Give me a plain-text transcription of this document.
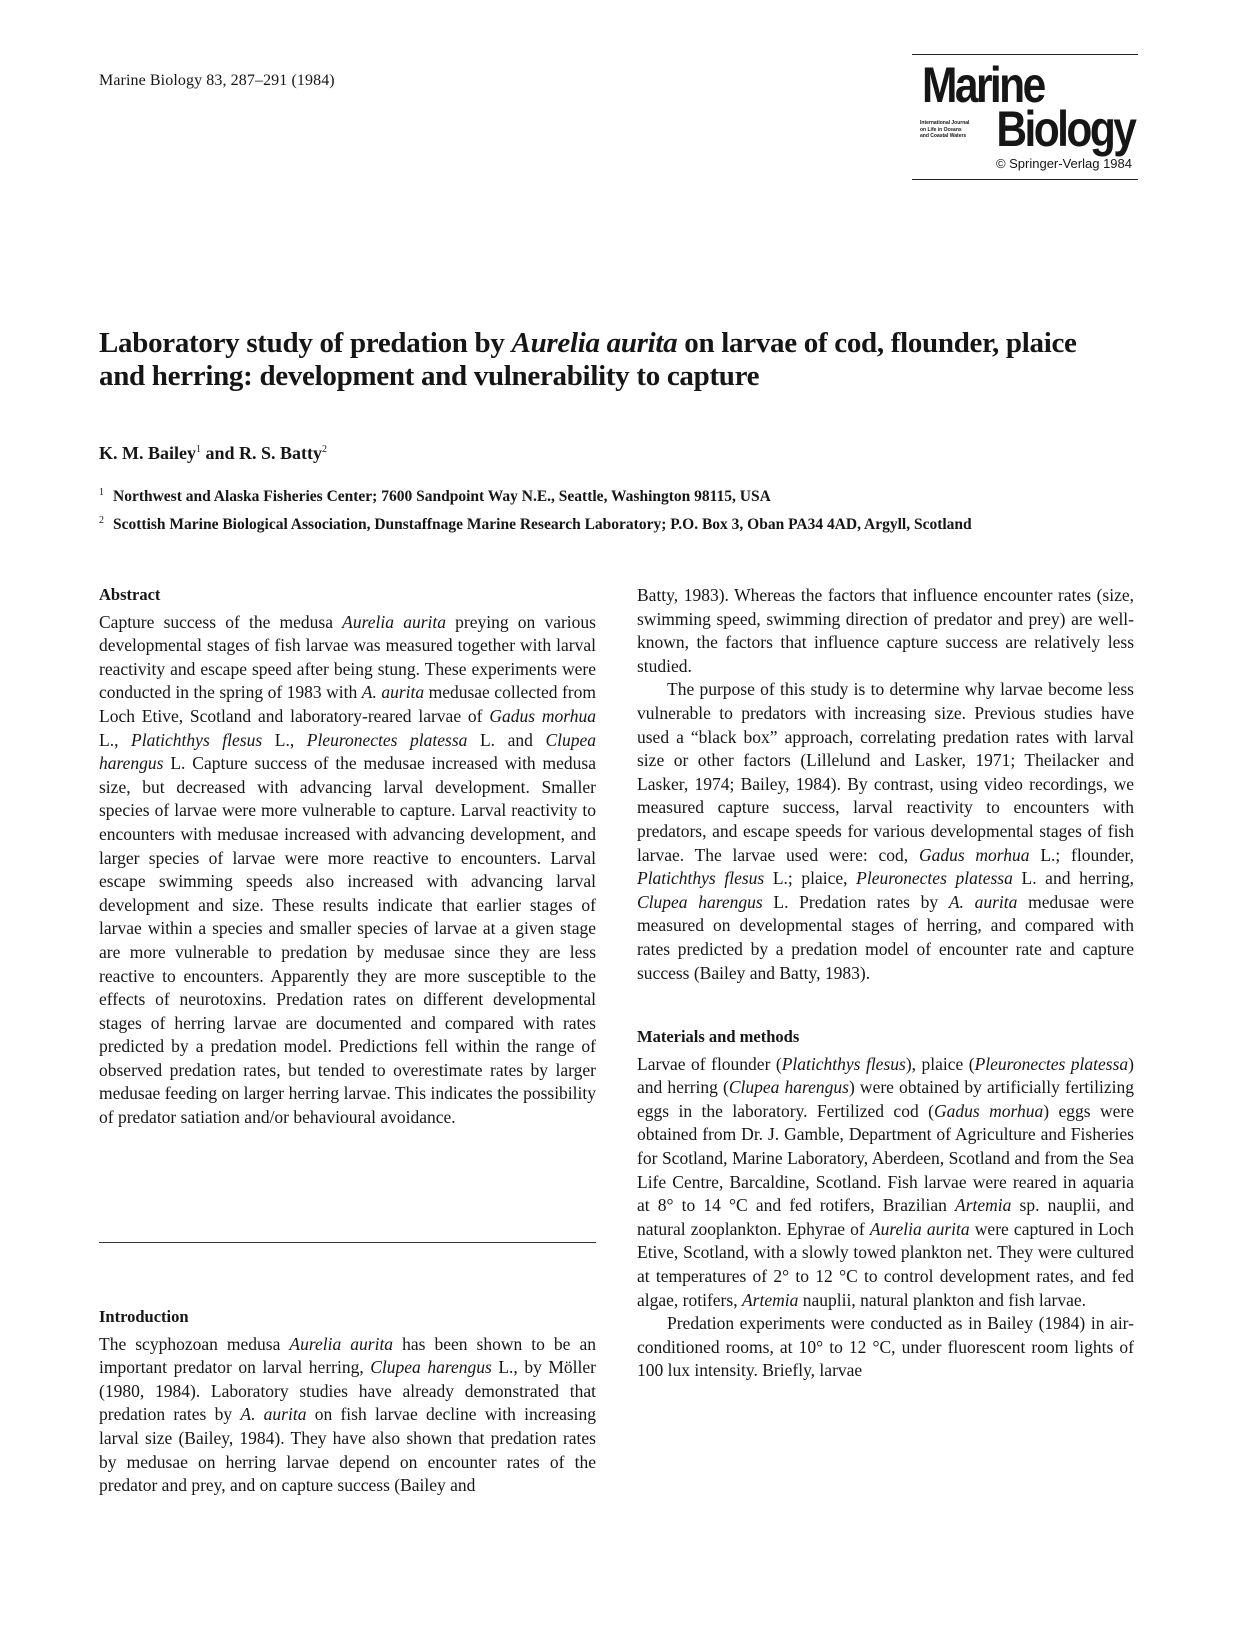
Marine Biology 83, 287–291 (1984)	Marine
International Journal
on Life in Oceans
and Coastal Waters Biology
© Springer-Verlag 1984
Laboratory study of predation by Aurelia aurita on larvae of cod, flounder, plaice and herring: development and vulnerability to capture
K. M. Bailey$^1$ and R. S. Batty$^2$
1 Northwest and Alaska Fisheries Center; 7600 Sandpoint Way N.E., Seattle, Washington 98115, USA
2 Scottish Marine Biological Association, Dunstaffnage Marine Research Laboratory; P.O. Box 3, Oban PA34 4AD, Argyll, Scotland
Abstract

Capture success of the medusa Aurelia aurita preying on various developmental stages of fish larvae was measured together with larval reactivity and escape speed after being stung. These experiments were conducted in the spring of 1983 with A. aurita medusae collected from Loch Etive, Scotland and laboratory-reared larvae of Gadus morhua L., Platichthys flesus L., Pleuronectes platessa L. and Clupea harengus L. Capture success of the medusae increased with medusa size, but decreased with advancing larval development. Smaller species of larvae were more vulnerable to capture. Larval reactivity to encounters with medusae increased with advancing development, and larger species of larvae were more reactive to encounters. Larval escape swimming speeds also increased with advancing larval development and size. These results indicate that earlier stages of larvae within a species and smaller species of larvae at a given stage are more vulnerable to predation by medusae since they are less reactive to encounters. Apparently they are more susceptible to the effects of neurotoxins. Predation rates on different developmental stages of herring larvae are documented and compared with rates predicted by a predation model. Predictions fell within the range of observed predation rates, but tended to overestimate rates by larger medusae feeding on larger herring larvae. This indicates the possibility of predator satiation and/or behavioural avoidance.

Introduction

The scyphozoan medusa Aurelia aurita has been shown to be an important predator on larval herring, Clupea harengus L., by Möller (1980, 1984). Laboratory studies have already demonstrated that predation rates by A. aurita on fish larvae decline with increasing larval size (Bailey, 1984). They have also shown that predation rates by medusae on herring larvae depend on encounter rates of the predator and prey, and on capture success (Bailey and

Batty, 1983). Whereas the factors that influence encounter rates (size, swimming speed, swimming direction of predator and prey) are well-known, the factors that influence capture success are relatively less studied.

The purpose of this study is to determine why larvae become less vulnerable to predators with increasing size. Previous studies have used a “black box” approach, correlating predation rates with larval size or other factors (Lillelund and Lasker, 1971; Theilacker and Lasker, 1974; Bailey, 1984). By contrast, using video recordings, we measured capture success, larval reactivity to encounters with predators, and escape speeds for various developmental stages of fish larvae. The larvae used were: cod, Gadus morhua L.; flounder, Platichthys flesus L.; plaice, Pleuronectes platessa L. and herring, Clupea harengus L. Predation rates by A. aurita medusae were measured on developmental stages of herring, and compared with rates predicted by a predation model of encounter rate and capture success (Bailey and Batty, 1983).

Materials and methods

Larvae of flounder (Platichthys flesus), plaice (Pleuronectes platessa) and herring (Clupea harengus) were obtained by artificially fertilizing eggs in the laboratory. Fertilized cod (Gadus morhua) eggs were obtained from Dr. J. Gamble, Department of Agriculture and Fisheries for Scotland, Marine Laboratory, Aberdeen, Scotland and from the Sea Life Centre, Barcaldine, Scotland. Fish larvae were reared in aquaria at 8° to 14 °C and fed rotifers, Brazilian Artemia sp. nauplii, and natural zooplankton. Ephyrae of Aurelia aurita were captured in Loch Etive, Scotland, with a slowly towed plankton net. They were cultured at temperatures of 2° to 12 °C to control development rates, and fed algae, rotifers, Artemia nauplii, natural plankton and fish larvae.

Predation experiments were conducted as in Bailey (1984) in air-conditioned rooms, at 10° to 12 °C, under fluorescent room lights of 100 lux intensity. Briefly, larvae
